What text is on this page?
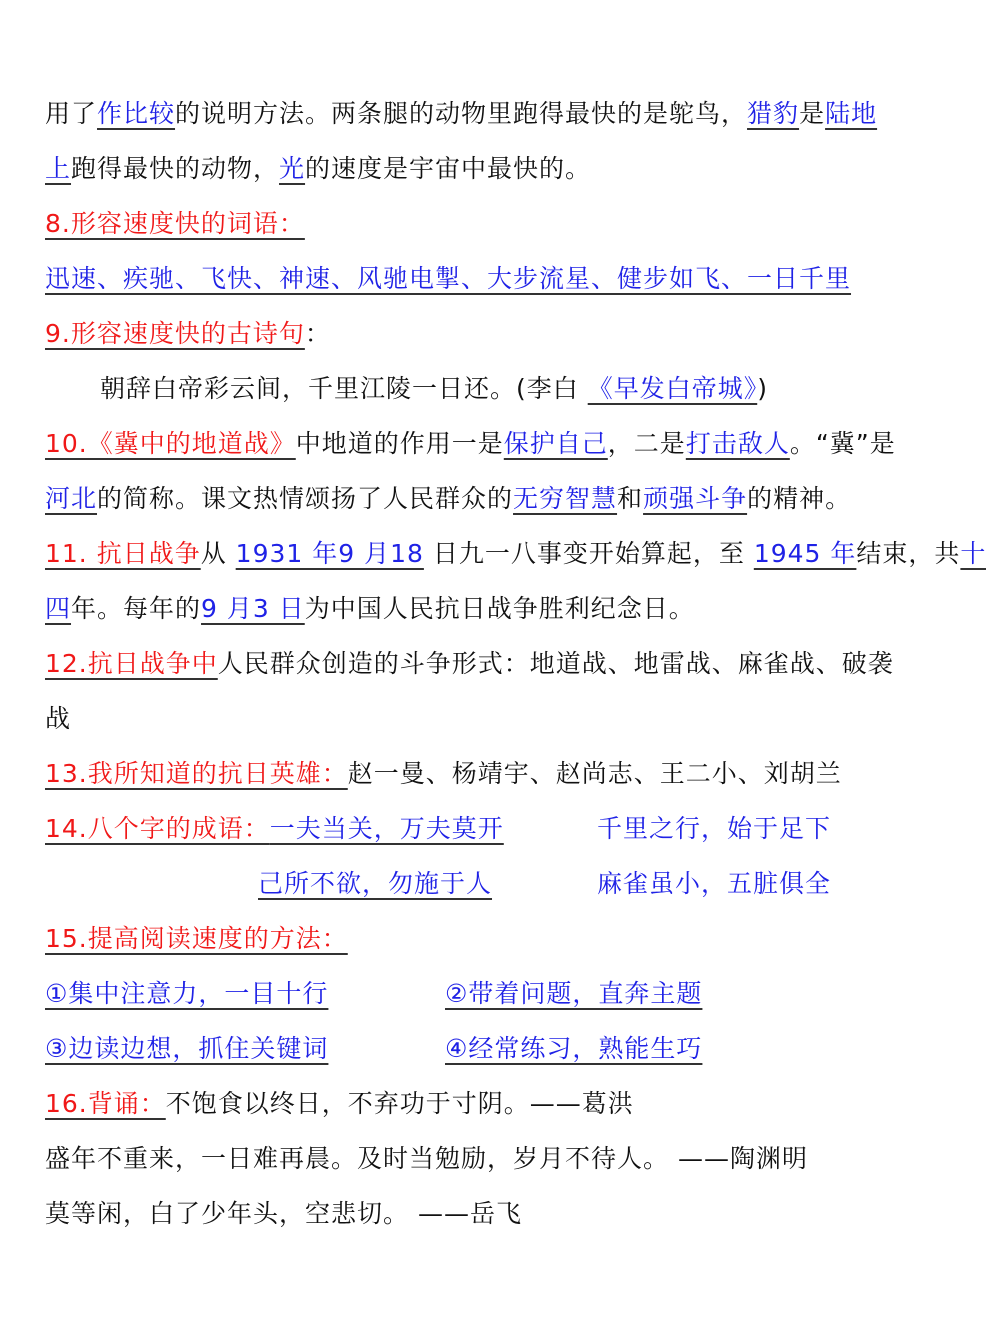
用了作比较的说明方法。两条腿的动物里跑得最快的是鸵鸟，猎豹是陆地
上跑得最快的动物，光的速度是宇宙中最快的。
8.形容速度快的词语：
迅速、疾驰、飞快、神速、风驰电掣、大步流星、健步如飞、一日千里
9.形容速度快的古诗句：
朝辞白帝彩云间，千里江陵一日还。(李白 《早发白帝城》)
10.《冀中的地道战》中地道的作用一是保护自己，二是打击敌人。“冀”是
河北的简称。课文热情颂扬了人民群众的无穷智慧和顽强斗争的精神。
11. 抗日战争从 1931 年9 月18 日九一八事变开始算起，至 1945 年结束，共十
四年。每年的9 月3 日为中国人民抗日战争胜利纪念日。
12.抗日战争中人民群众创造的斗争形式：地道战、地雷战、麻雀战、破袭
战
13.我所知道的抗日英雄：赵一曼、杨靖宇、赵尚志、王二小、刘胡兰
14.八个字的成语：一夫当关，万夫莫开	千里之行，始于足下
己所不欲，勿施于人	麻雀虽小，五脏俱全
15.提高阅读速度的方法：
①集中注意力，一目十行	②带着问题，直奔主题
③边读边想，抓住关键词	④经常练习，熟能生巧
16.背诵：不饱食以终日，不弃功于寸阴。——葛洪
盛年不重来，一日难再晨。及时当勉励，岁月不待人。 ——陶渊明
莫等闲，白了少年头，空悲切。 ——岳飞
